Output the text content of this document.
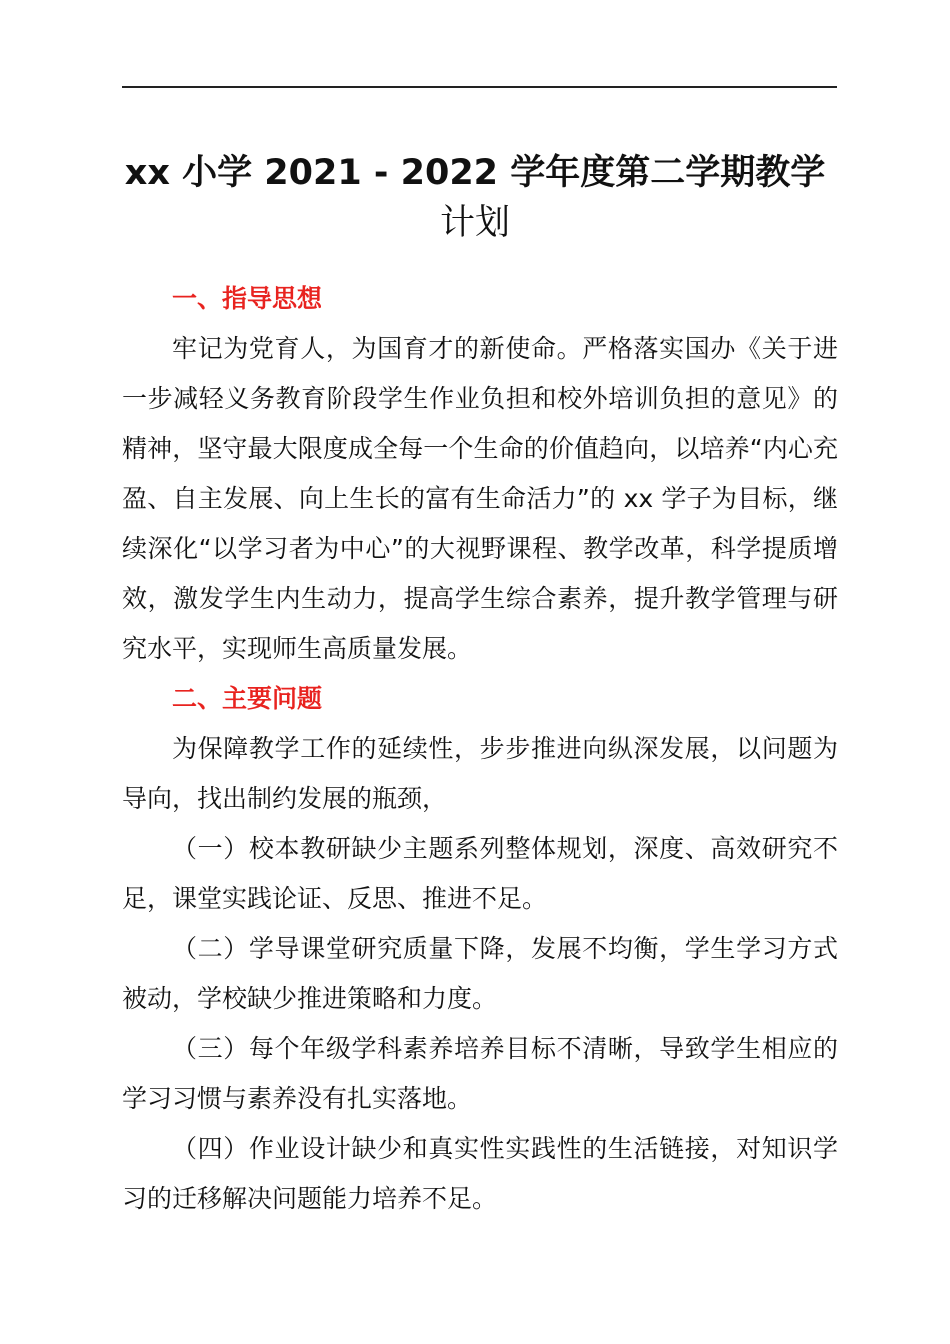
xx 小学 2021 - 2022 学年度第二学期教学
计划
一、指导思想

牢记为党育人，为国育才的新使命。严格落实国办《关于进一步减轻义务教育阶段学生作业负担和校外培训负担的意见》的精神，坚守最大限度成全每一个生命的价值趋向，以培养“内心充盈、自主发展、向上生长的富有生命活力”的 xx 学子为目标，继续深化“以学习者为中心”的大视野课程、教学改革，科学提质增效，激发学生内生动力，提高学生综合素养，提升教学管理与研究水平，实现师生高质量发展。

二、主要问题

为保障教学工作的延续性，步步推进向纵深发展，以问题为导向，找出制约发展的瓶颈，

（一）校本教研缺少主题系列整体规划，深度、高效研究不足，课堂实践论证、反思、推进不足。

（二）学导课堂研究质量下降，发展不均衡，学生学习方式被动，学校缺少推进策略和力度。

（三）每个年级学科素养培养目标不清晰，导致学生相应的学习习惯与素养没有扎实落地。

（四）作业设计缺少和真实性实践性的生活链接，对知识学习的迁移解决问题能力培养不足。
